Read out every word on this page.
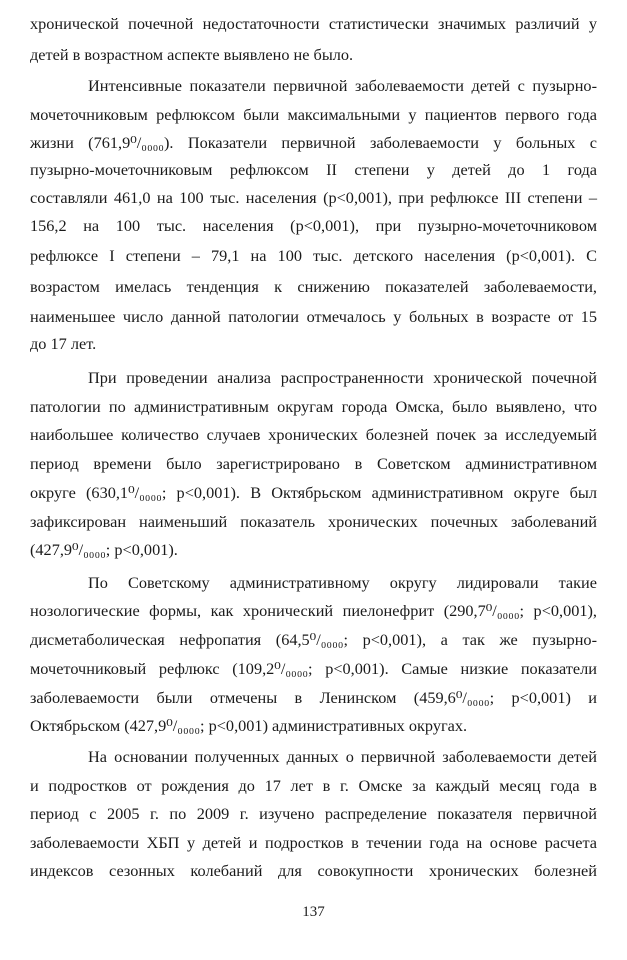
хронической почечной недостаточности статистически значимых различий у
детей в возрастном аспекте выявлено не было.
Интенсивные показатели первичной заболеваемости детей с пузырно-
мочеточниковым рефлюксом были максимальными у пациентов первого года
жизни (761,9⁰/₀₀₀₀). Показатели первичной заболеваемости у больных с
пузырно-мочеточниковым рефлюксом II степени у детей до 1 года
составляли 461,0 на 100 тыс. населения (р<0,001), при рефлюксе III степени –
156,2 на 100 тыс. населения (р<0,001), при пузырно-мочеточниковом
рефлюксе I степени – 79,1 на 100 тыс. детского населения (р<0,001). С
возрастом имелась тенденция к снижению показателей заболеваемости,
наименьшее число данной патологии отмечалось у больных в возрасте от 15
до 17 лет.
При проведении анализа распространенности хронической почечной
патологии по административным округам города Омска, было выявлено, что
наибольшее количество случаев хронических болезней почек за исследуемый
период времени было зарегистрировано в Советском административном
округе (630,1⁰/₀₀₀₀; р<0,001). В Октябрьском административном округе был
зафиксирован наименьший показатель хронических почечных заболеваний
(427,9⁰/₀₀₀₀; р<0,001).
По Советскому административному округу лидировали такие
нозологические формы, как хронический пиелонефрит (290,7⁰/₀₀₀₀; р<0,001),
дисметаболическая нефропатия (64,5⁰/₀₀₀₀; р<0,001), а так же пузырно-
мочеточниковый рефлюкс (109,2⁰/₀₀₀₀; р<0,001). Самые низкие показатели
заболеваемости были отмечены в Ленинском (459,6⁰/₀₀₀₀; р<0,001) и
Октябрьском (427,9⁰/₀₀₀₀; р<0,001) административных округах.
На основании полученных данных о первичной заболеваемости детей
и подростков от рождения до 17 лет в г. Омске за каждый месяц года в
период с 2005 г. по 2009 г. изучено распределение показателя первичной
заболеваемости ХБП у детей и подростков в течении года на основе расчета
индексов сезонных колебаний для совокупности хронических болезней
137
